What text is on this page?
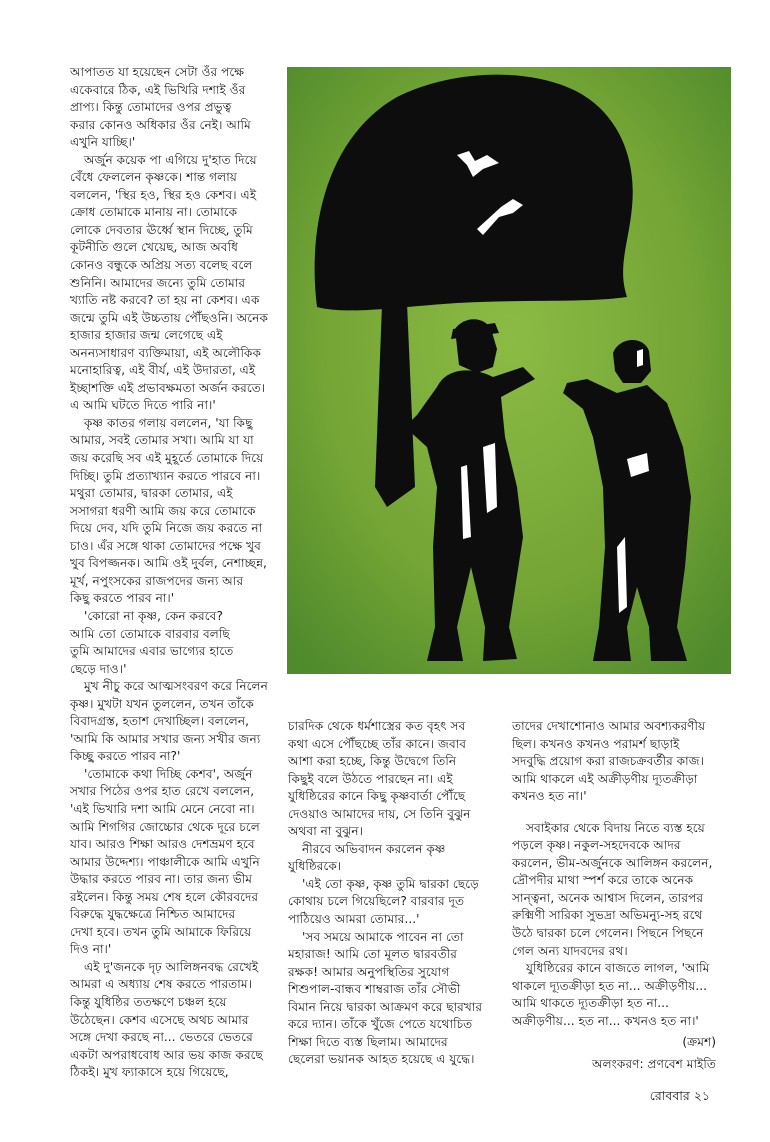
আপাতত যা হয়েছেন সেটা ওঁর পক্ষে
একেবারে ঠিক, এই ভিখিরি দশাই ওঁর
প্রাপ্য। কিন্তু তোমাদের ওপর প্রভুত্ব
করার কোনও অধিকার ওঁর নেই। আমি
এখুনি যাচ্ছি।'

অর্জুন কয়েক পা এগিয়ে দু'হাত দিয়ে
বেঁধে ফেললেন কৃষ্ণকে। শান্ত গলায়
বললেন, 'স্থির হও, স্থির হও কেশব। এই
ক্রোধ তোমাকে মানায় না। তোমাকে
লোকে দেবতার ঊর্ধ্বে স্থান দিচ্ছে, তুমি
কূটনীতি গুলে খেয়েছ, আজ অবধি
কোনও বন্ধুকে অপ্রিয় সত্য বলেছ বলে
শুনিনি। আমাদের জন্যে তুমি তোমার
খ্যাতি নষ্ট করবে? তা হয় না কেশব। এক
জন্মে তুমি এই উচ্চতায় পৌঁছওনি। অনেক
হাজার হাজার জন্ম লেগেছে এই
অনন্যসাধারণ ব্যক্তিমায়া, এই অলৌকিক
মনোহারিত্ব, এই বীর্য, এই উদারতা, এই
ইচ্ছাশক্তি এই প্রভাবক্ষমতা অর্জন করতে।
এ আমি ঘটতে দিতে পারি না।'

কৃষ্ণ কাতর গলায় বললেন, 'যা কিছু
আমার, সবই তোমার সখা। আমি যা যা
জয় করেছি সব এই মুহূর্তে তোমাকে দিয়ে
দিচ্ছি। তুমি প্রত্যাখ্যান করতে পারবে না।
মথুরা তোমার, দ্বারকা তোমার, এই
সসাগরা ধরণী আমি জয় করে তোমাকে
দিয়ে দেব, যদি তুমি নিজে জয় করতে না
চাও। এঁর সঙ্গে থাকা তোমাদের পক্ষে খুব
খুব বিপজ্জনক। আমি ওই দুর্বল, নেশাচ্ছন্ন,
মূর্খ, নপুংসকের রাজপদের জন্য আর
কিছু করতে পারব না।'

'কোরো না কৃষ্ণ, কেন করবে?
আমি তো তোমাকে বারবার বলছি
তুমি আমাদের এবার ভাগ্যের হাতে
ছেড়ে দাও।'

মুখ নীচু করে আত্মসংবরণ করে নিলেন
কৃষ্ণ। মুখটা যখন তুললেন, তখন তাঁকে
বিবাদগ্রস্ত, হতাশ দেখাচ্ছিল। বললেন,
'আমি কি আমার সখার জন্য সখীর জন্য
কিচ্ছু করতে পারব না?'

'তোমাকে কথা দিচ্ছি কেশব', অর্জুন
সখার পিঠের ওপর হাত রেখে বললেন,
'এই ভিখারি দশা আমি মেনে নেবো না।
আমি শিগগির জোচ্চোর থেকে দূরে চলে
যাব। আরও শিক্ষা আরও দেশভ্রমণ হবে
আমার উদ্দেশ্য। পাঞ্চালীকে আমি এখুনি
উদ্ধার করতে পারব না। তার জন্য ভীম
রইলেন। কিন্তু সময় শেষ হলে কৌরবদের
বিরুদ্ধে যুদ্ধক্ষেত্রে নিশ্চিত আমাদের
দেখা হবে। তখন তুমি আমাকে ফিরিয়ে
দিও না।'

এই দু'জনকে দৃঢ় আলিঙ্গনবদ্ধ রেখেই
আমরা এ অধ্যায় শেষ করতে পারতাম।
কিন্তু যুধিষ্ঠির ততক্ষণে চঞ্চল হয়ে
উঠেছেন। কেশব এসেছে অথচ আমার
সঙ্গে দেখা করছে না... ভেতরে ভেতরে
একটা অপরাধবোধ আর ভয় কাজ করছে
ঠিকই। মুখ ফ্যাকাসে হয়ে গিয়েছে,

চারদিক থেকে ধর্মশাস্ত্রের কত বৃহৎ সব
কথা এসে পৌঁছচ্ছে তাঁর কানে। জবাব
আশা করা হচ্ছে, কিন্তু উদ্বেগে তিনি
কিছুই বলে উঠতে পারছেন না। এই
যুধিষ্ঠিরের কানে কিছু কৃষ্ণবার্তা পৌঁছে
দেওয়াও আমাদের দায়, সে তিনি বুঝুন
অথবা না বুঝুন।

নীরবে অভিবাদন করলেন কৃষ্ণ
যুধিষ্ঠিরকে।

'এই তো কৃষ্ণ, কৃষ্ণ তুমি দ্বারকা ছেড়ে
কোথায় চলে গিয়েছিলে? বারবার দূত
পাঠিয়েও আমরা তোমার...'

'সব সময়ে আমাকে পাবেন না তো
মহারাজ! আমি তো মূলত দ্বারবতীর
রক্ষক! আমার অনুপস্থিতির সুযোগ
শিশুপাল-বান্ধব শাম্বরাজ তাঁর সৌভী
বিমান নিয়ে দ্বারকা আক্রমণ করে ছারখার
করে দ্যান। তাঁকে খুঁজে পেতে যথোচিত
শিক্ষা দিতে ব্যস্ত ছিলাম। আমাদের
ছেলেরা ভয়ানক আহত হয়েছে এ যুদ্ধে।

তাদের দেখাশোনাও আমার অবশ্যকরণীয়
ছিল। কখনও কখনও পরামর্শ ছাড়াই
সদবুদ্ধি প্রয়োগ করা রাজচক্রবর্তীর কাজ।
আমি থাকলে এই অক্রীড়ণীয় দ্যূতক্রীড়া
কখনও হত না।'

সবাইকার থেকে বিদায় নিতে ব্যস্ত হয়ে
পড়লে কৃষ্ণ। নকুল-সহদেবকে আদর
করলেন, ভীম-অর্জুনকে আলিঙ্গন করলেন,
দ্রৌপদীর মাথা স্পর্শ করে তাকে অনেক
সান্ত্বনা, অনেক আশ্বাস দিলেন, তারপর
রুক্মিণী সারিকা সুভদ্রা অভিমন্যু-সহ রথে
উঠে দ্বারকা চলে গেলেন। পিছনে পিছনে
গেল অন্য যাদবদের রথ।

যুধিষ্ঠিরের কানে বাজতে লাগল, 'আমি
থাকলে দ্যূতক্রীড়া হত না... অক্রীড়ণীয়...
আমি থাকতে দ্যূতক্রীড়া হত না...
অক্রীড়ণীয়... হত না... কখনও হত না।'

(ক্রমশ)
অলংকরণ: প্রণবেশ মাইতি
রোববার ২১
